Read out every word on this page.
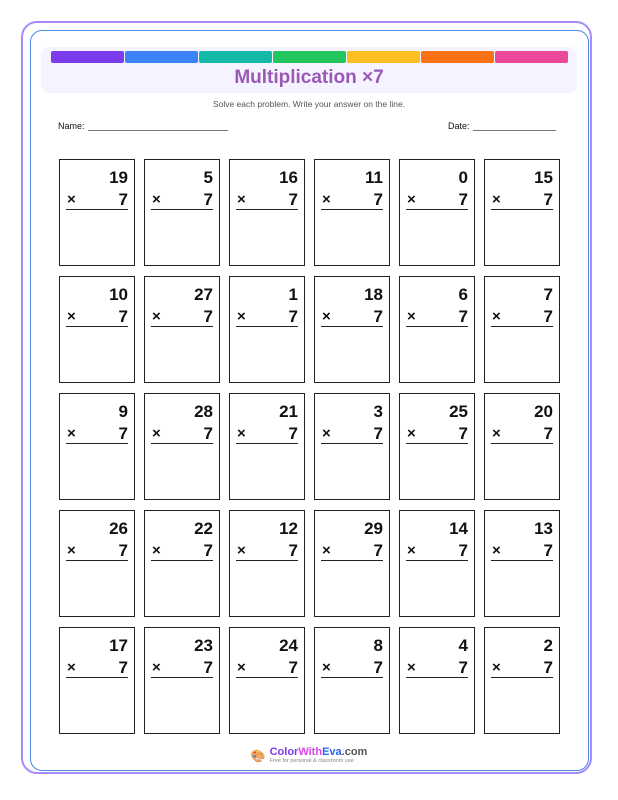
Multiplication ×7
Solve each problem. Write your answer on the line.
Name:	Date:
19
×	7
5
×	7
16
×	7
11
×	7
0
×	7
15
×	7
10
×	7
27
×	7
1
×	7
18
×	7
6
×	7
7
×	7
9
×	7
28
×	7
21
×	7
3
×	7
25
×	7
20
×	7
26
×	7
22
×	7
12
×	7
29
×	7
14
×	7
13
×	7
17
×	7
23
×	7
24
×	7
8
×	7
4
×	7
2
×	7
🎨 ColorWithEva.com
Free for personal & classroom use
